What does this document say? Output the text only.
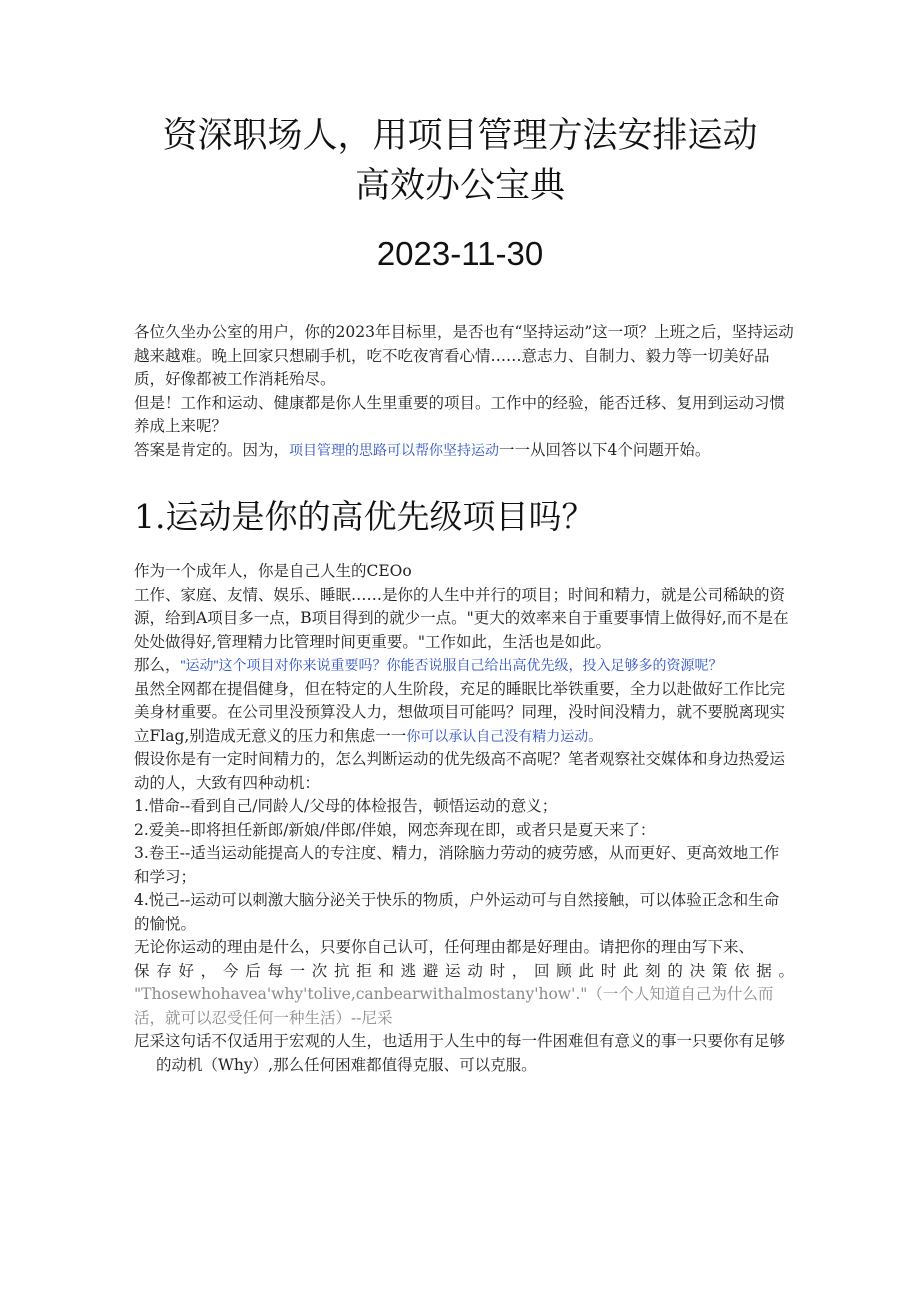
资深职场人，用项目管理方法安排运动
高效办公宝典
2023-11-30

各位久坐办公室的用户，你的2023年目标里，是否也有“坚持运动”这一项？上班之后，坚持运动越来越难。晚上回家只想刷手机，吃不吃夜宵看心情……意志力、自制力、毅力等一切美好品质，好像都被工作消耗殆尽。

但是！工作和运动、健康都是你人生里重要的项目。工作中的经验，能否迁移、复用到运动习惯养成上来呢？

答案是肯定的。因为，项目管理的思路可以帮你坚持运动一一从回答以下4个问题开始。

1.运动是你的高优先级项目吗？

作为一个成年人，你是自己人生的CEOo

工作、家庭、友情、娱乐、睡眠……是你的人生中并行的项目；时间和精力，就是公司稀缺的资源，给到A项目多一点，B项目得到的就少一点。"更大的效率来自于重要事情上做得好,而不是在处处做得好,管理精力比管理时间更重要。"工作如此，生活也是如此。

那么，"运动"这个项目对你来说重要吗？你能否说服自己给出高优先级，投入足够多的资源呢？

虽然全网都在提倡健身，但在特定的人生阶段，充足的睡眠比举铁重要，全力以赴做好工作比完美身材重要。在公司里没预算没人力，想做项目可能吗？同理，没时间没精力，就不要脱离现实立Flag,别造成无意义的压力和焦虑一一你可以承认自己没有精力运动。

假设你是有一定时间精力的，怎么判断运动的优先级高不高呢？笔者观察社交媒体和身边热爱运动的人，大致有四种动机：

1.惜命--看到自己/同龄人/父母的体检报告，顿悟运动的意义；

2.爱美--即将担任新郎/新娘/伴郎/伴娘，网恋奔现在即，或者只是夏天来了：

3.卷王--适当运动能提高人的专注度、精力，消除脑力劳动的疲劳感，从而更好、更高效地工作和学习；

4.悦己--运动可以刺激大脑分泌关于快乐的物质，户外运动可与自然接触，可以体验正念和生命的愉悦。

无论你运动的理由是什么，只要你自己认可，任何理由都是好理由。请把你的理由写下来、

保存好，今后每一次抗拒和逃避运动时，回顾此时此刻的决策依据。

"Thosewhohavea'why'tolive,canbearwithalmostany'how'."（一个人知道自己为什么而活，就可以忍受任何一种生活）--尼采

尼采这句话不仅适用于宏观的人生，也适用于人生中的每一件困难但有意义的事一只要你有足够的动机（Why）,那么任何困难都值得克服、可以克服。
